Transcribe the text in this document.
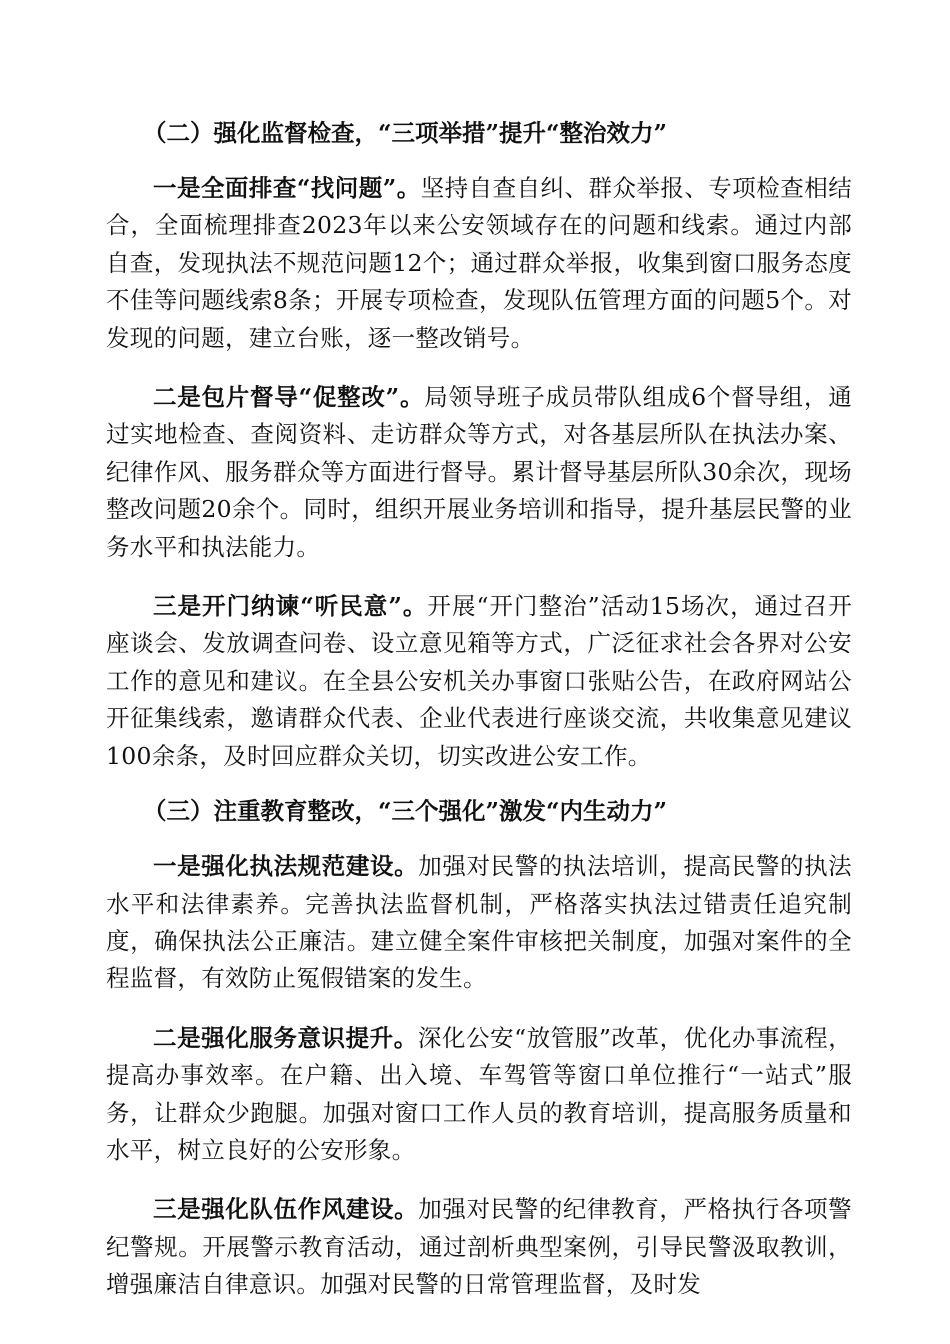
（二）强化监督检查，“三项举措”提升“整治效力”

一是全面排查“找问题”。坚持自查自纠、群众举报、专项检查相结合，全面梳理排查2023年以来公安领域存在的问题和线索。通过内部自查，发现执法不规范问题12个；通过群众举报，收集到窗口服务态度不佳等问题线索8条；开展专项检查，发现队伍管理方面的问题5个。对发现的问题，建立台账，逐一整改销号。

二是包片督导“促整改”。局领导班子成员带队组成6个督导组，通过实地检查、查阅资料、走访群众等方式，对各基层所队在执法办案、纪律作风、服务群众等方面进行督导。累计督导基层所队30余次，现场整改问题20余个。同时，组织开展业务培训和指导，提升基层民警的业务水平和执法能力。

三是开门纳谏“听民意”。开展“开门整治”活动15场次，通过召开座谈会、发放调查问卷、设立意见箱等方式，广泛征求社会各界对公安工作的意见和建议。在全县公安机关办事窗口张贴公告，在政府网站公开征集线索，邀请群众代表、企业代表进行座谈交流，共收集意见建议100余条，及时回应群众关切，切实改进公安工作。

（三）注重教育整改，“三个强化”激发“内生动力”

一是强化执法规范建设。加强对民警的执法培训，提高民警的执法水平和法律素养。完善执法监督机制，严格落实执法过错责任追究制度，确保执法公正廉洁。建立健全案件审核把关制度，加强对案件的全程监督，有效防止冤假错案的发生。

二是强化服务意识提升。深化公安“放管服”改革，优化办事流程，提高办事效率。在户籍、出入境、车驾管等窗口单位推行“一站式”服务，让群众少跑腿。加强对窗口工作人员的教育培训，提高服务质量和水平，树立良好的公安形象。

三是强化队伍作风建设。加强对民警的纪律教育，严格执行各项警纪警规。开展警示教育活动，通过剖析典型案例，引导民警汲取教训，增强廉洁自律意识。加强对民警的日常管理监督，及时发
